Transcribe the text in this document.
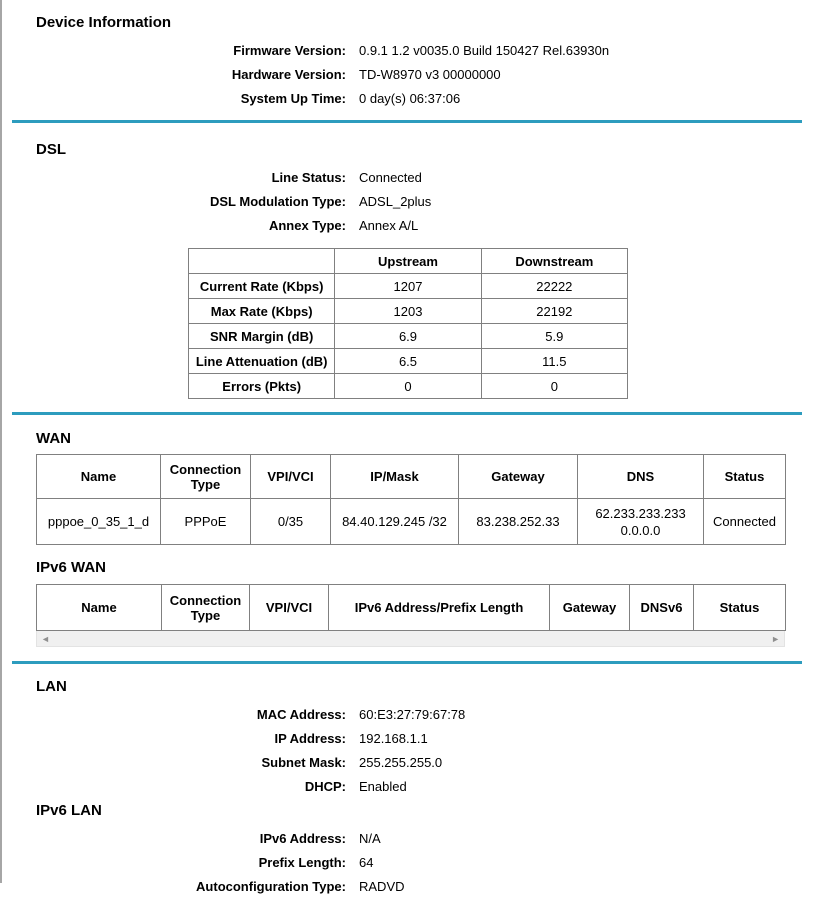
Device Information
Firmware Version: 0.9.1 1.2 v0035.0 Build 150427 Rel.63930n
Hardware Version: TD-W8970 v3 00000000
System Up Time: 0 day(s) 06:37:06
DSL
Line Status: Connected
DSL Modulation Type: ADSL_2plus
Annex Type: Annex A/L
	Upstream	Downstream
Current Rate (Kbps)	1207	22222
Max Rate (Kbps)	1203	22192
SNR Margin (dB)	6.9	5.9
Line Attenuation (dB)	6.5	11.5
Errors (Pkts)	0	0
WAN
Name	Connection Type	VPI/VCI	IP/Mask	Gateway	DNS	Status
pppoe_0_35_1_d	PPPoE	0/35	84.40.129.245 /32	83.238.252.33	62.233.233.233
0.0.0.0	Connected
IPv6 WAN
Name	Connection Type	VPI/VCI	IPv6 Address/Prefix Length	Gateway	DNSv6	Status
◄	►
LAN
MAC Address: 60:E3:27:79:67:78
IP Address: 192.168.1.1
Subnet Mask: 255.255.255.0
DHCP: Enabled
IPv6 LAN
IPv6 Address: N/A
Prefix Length: 64
Autoconfiguration Type: RADVD
